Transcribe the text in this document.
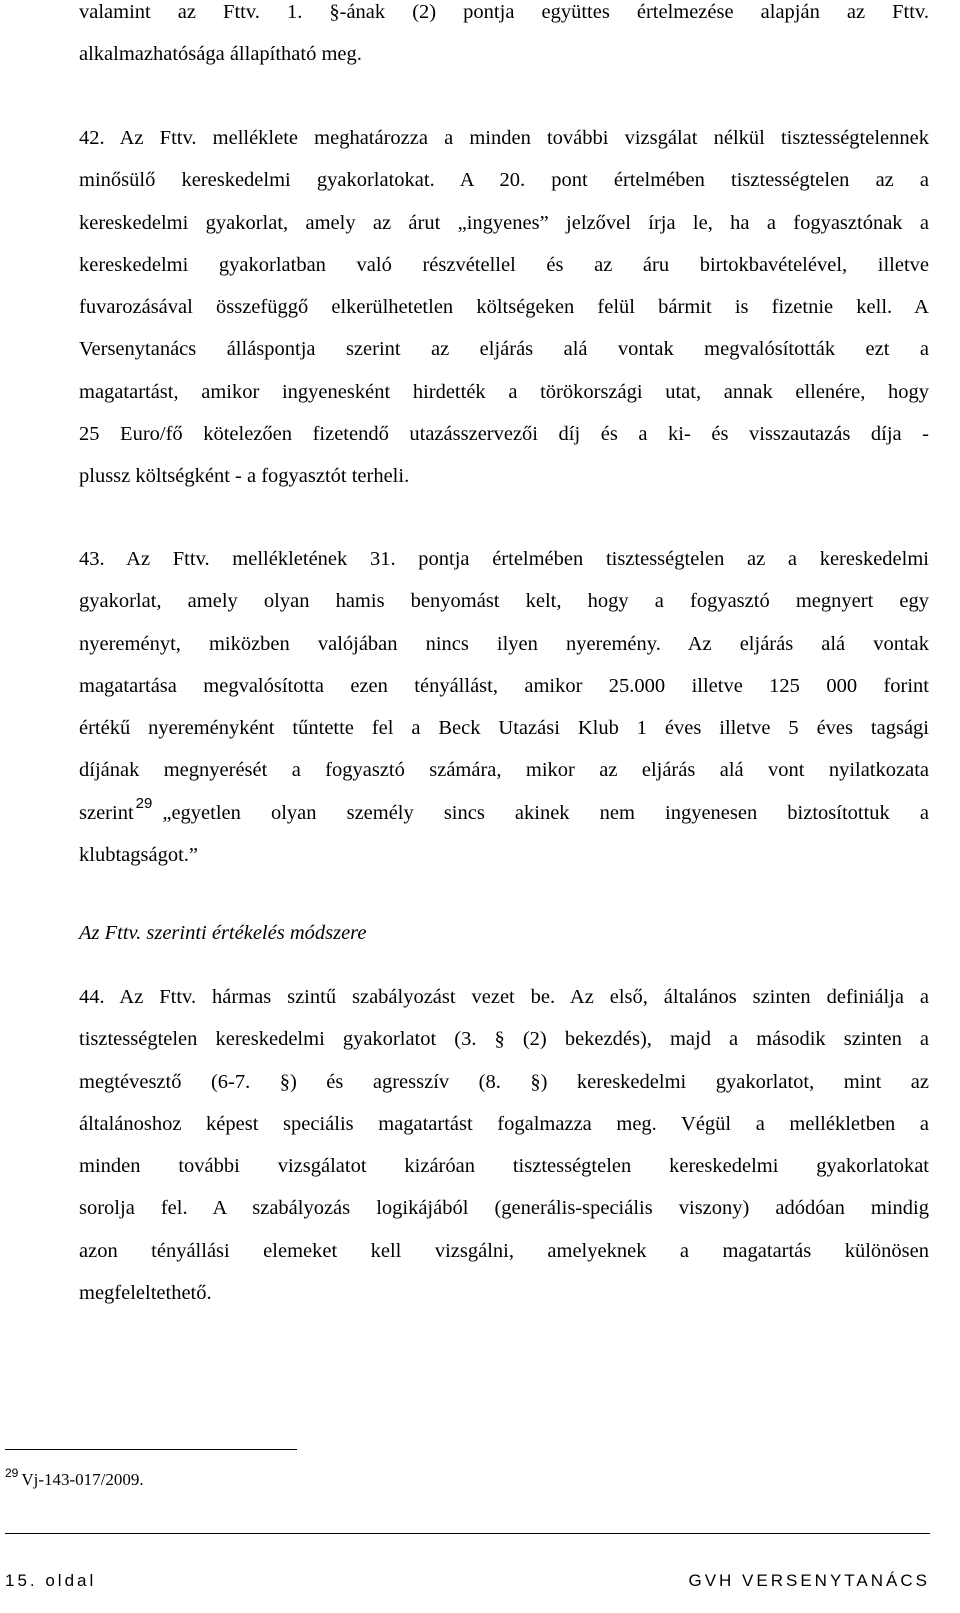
valamint az Fttv. 1. §-ának (2) pontja együttes értelmezése alapján az Fttv.
alkalmazhatósága állapítható meg.
42. Az Fttv. melléklete meghatározza a minden további vizsgálat nélkül tisztességtelennek
minősülő kereskedelmi gyakorlatokat. A 20. pont értelmében tisztességtelen az a
kereskedelmi gyakorlat, amely az árut „ingyenes” jelzővel írja le, ha a fogyasztónak a
kereskedelmi gyakorlatban való részvétellel és az áru birtokbavételével, illetve
fuvarozásával összefüggő elkerülhetetlen költségeken felül bármit is fizetnie kell. A
Versenytanács álláspontja szerint az eljárás alá vontak megvalósították ezt a
magatartást, amikor ingyenesként hirdették a törökországi utat, annak ellenére, hogy
25 Euro/fő kötelezően fizetendő utazásszervezői díj és a ki- és visszautazás díja -
plussz költségként - a fogyasztót terheli.
43. Az Fttv. mellékletének 31. pontja értelmében tisztességtelen az a kereskedelmi
gyakorlat, amely olyan hamis benyomást kelt, hogy a fogyasztó megnyert egy
nyereményt, miközben valójában nincs ilyen nyeremény. Az eljárás alá vontak
magatartása megvalósította ezen tényállást, amikor 25.000 illetve 125 000 forint
értékű nyereményként tűntette fel a Beck Utazási Klub 1 éves illetve 5 éves tagsági
díjának megnyerését a fogyasztó számára, mikor az eljárás alá vont nyilatkozata
szerint $^{29}$ „egyetlen olyan személy sincs akinek nem ingyenesen biztosítottuk a
klubtagságot.”

Az Fttv. szerinti értékelés módszere

44. Az Fttv. hármas szintű szabályozást vezet be. Az első, általános szinten definiálja a
tisztességtelen kereskedelmi gyakorlatot (3. § (2) bekezdés), majd a második szinten a
megtévesztő (6-7. §) és agresszív (8. §) kereskedelmi gyakorlatot, mint az
általánoshoz képest speciális magatartást fogalmazza meg. Végül a mellékletben a
minden további vizsgálatot kizáróan tisztességtelen kereskedelmi gyakorlatokat
sorolja fel. A szabályozás logikájából (generális-speciális viszony) adódóan mindig
azon tényállási elemeket kell vizsgálni, amelyeknek a magatartás különösen
megfeleltethető.

$^{29}$ Vj-143-017/2009.

15. oldal	GVH VERSENYTANÁCS
